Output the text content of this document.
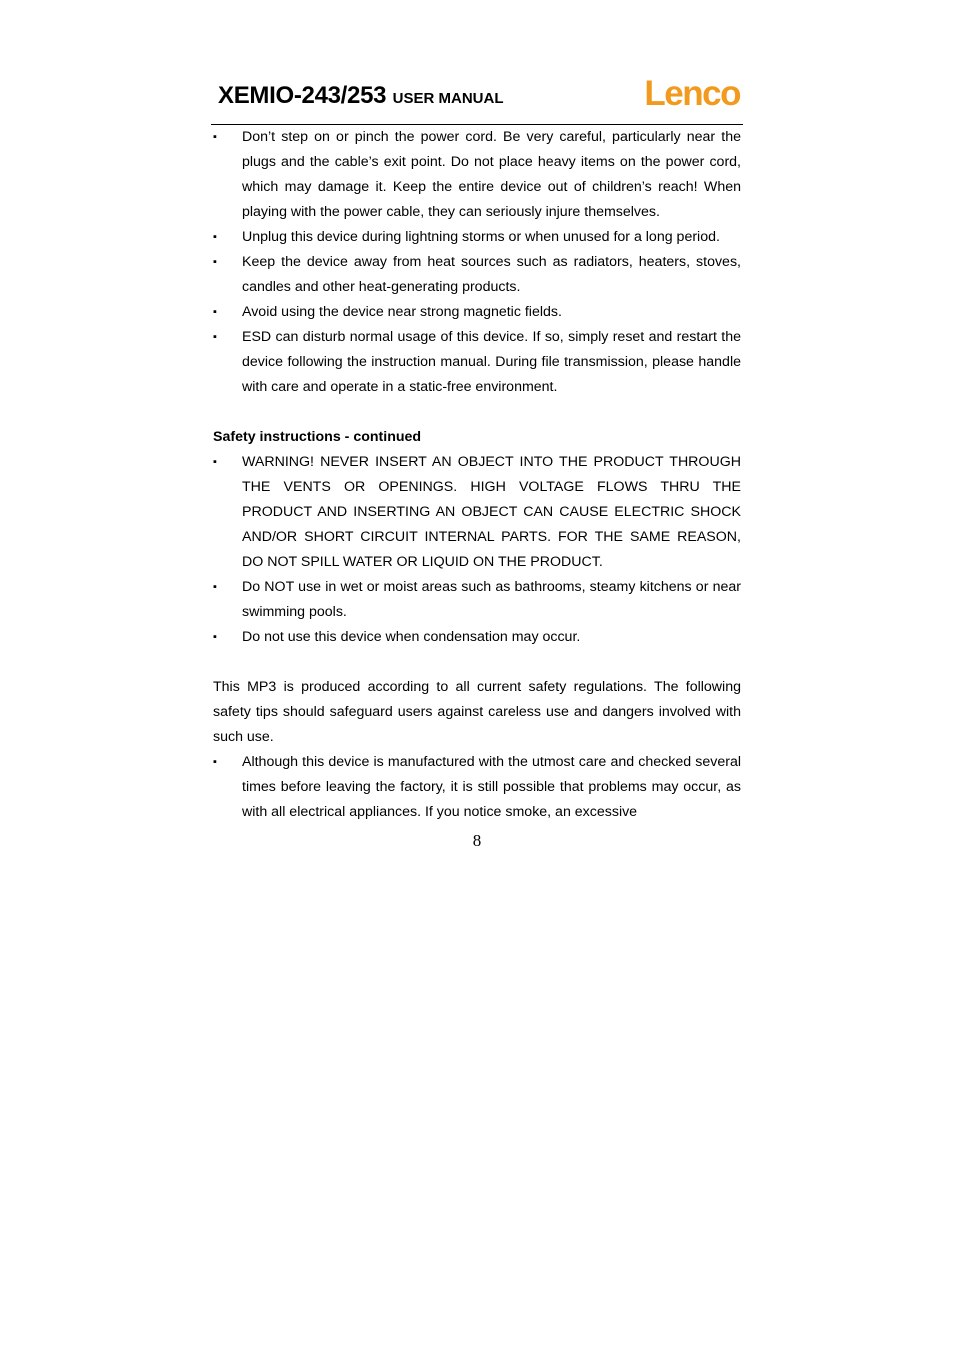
XEMIO-243/253 USER MANUAL	Lenco
▪	Don’t step on or pinch the power cord. Be very careful, particularly near the plugs and the cable’s exit point. Do not place heavy items on the power cord, which may damage it. Keep the entire device out of children’s reach! When playing with the power cable, they can seriously injure themselves.
▪	Unplug this device during lightning storms or when unused for a long period.
▪	Keep the device away from heat sources such as radiators, heaters, stoves, candles and other heat-generating products.
▪	Avoid using the device near strong magnetic fields.
▪	ESD can disturb normal usage of this device. If so, simply reset and restart the device following the instruction manual. During file transmission, please handle with care and operate in a static-free environment.
Safety instructions - continued
▪	WARNING! NEVER INSERT AN OBJECT INTO THE PRODUCT THROUGH THE VENTS OR OPENINGS. HIGH VOLTAGE FLOWS THRU THE PRODUCT AND INSERTING AN OBJECT CAN CAUSE ELECTRIC SHOCK AND/OR SHORT CIRCUIT INTERNAL PARTS. FOR THE SAME REASON, DO NOT SPILL WATER OR LIQUID ON THE PRODUCT.
▪	Do NOT use in wet or moist areas such as bathrooms, steamy kitchens or near swimming pools.
▪	Do not use this device when condensation may occur.

This MP3 is produced according to all current safety regulations. The following safety tips should safeguard users against careless use and dangers involved with such use.

▪	Although this device is manufactured with the utmost care and checked several times before leaving the factory, it is still possible that problems may occur, as with all electrical appliances. If you notice smoke, an excessive
8
